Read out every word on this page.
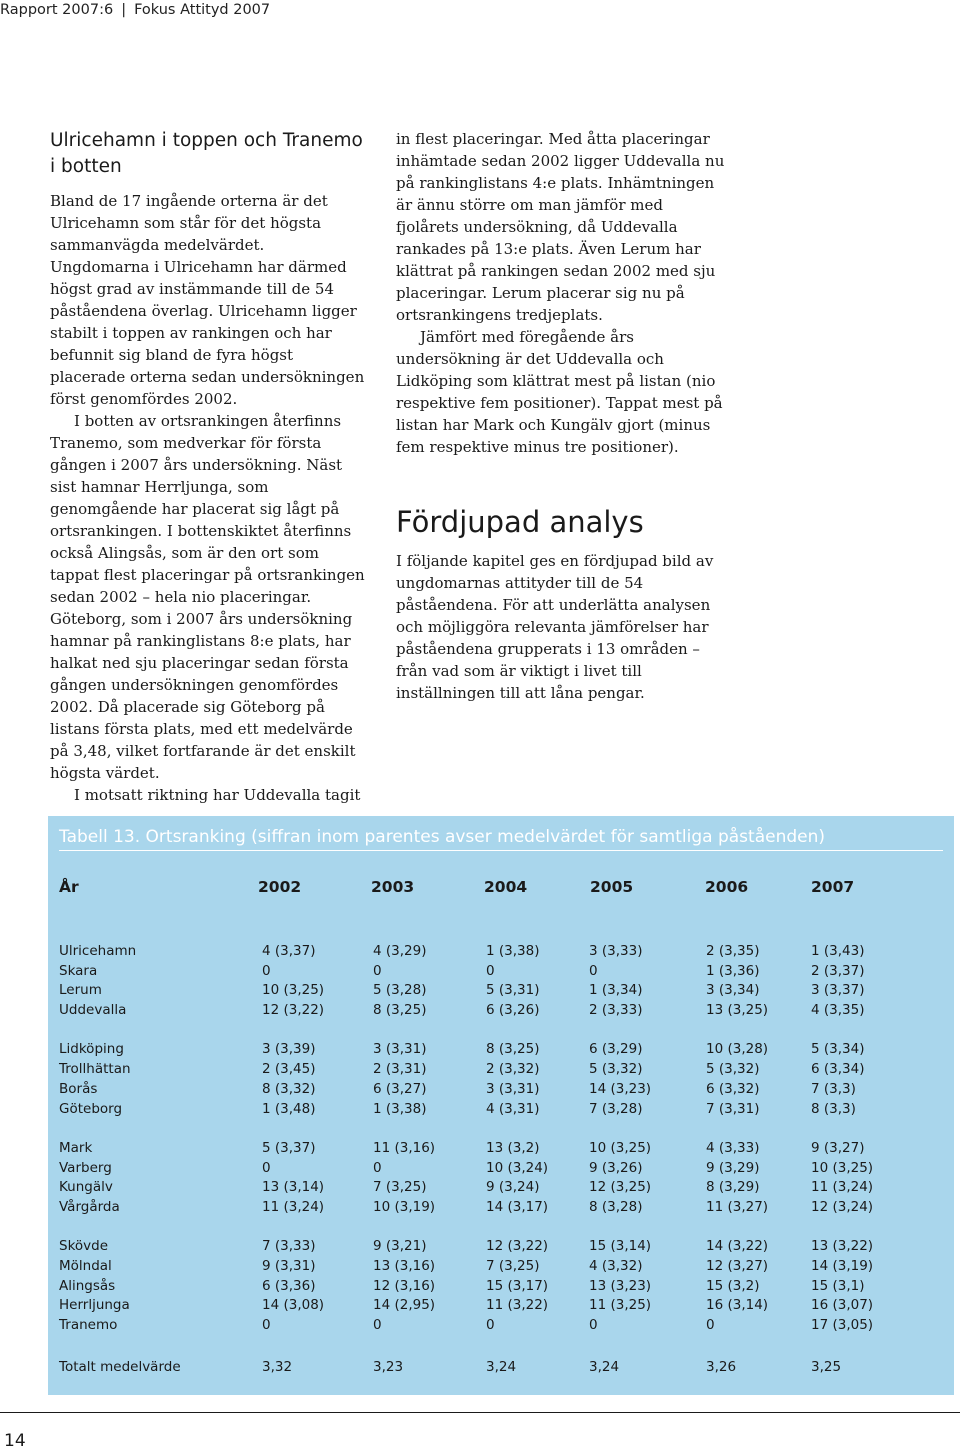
Rapport 2007:6 | Fokus Attityd 2007
Ulricehamn i toppen och Tranemo i botten

Bland de 17 ingående orterna är det Ulricehamn som står för det högsta sammanvägda medelvärdet. Ungdomarna i Ulricehamn har därmed högst grad av instämmande till de 54 påståendena överlag. Ulricehamn ligger stabilt i toppen av rankingen och har befunnit sig bland de fyra högst placerade orterna sedan undersökningen först genomfördes 2002.

I botten av ortsrankingen återfinns Tranemo, som medverkar för första gången i 2007 års undersökning. Näst sist hamnar Herrljunga, som genomgående har placerat sig lågt på ortsrankingen. I bottenskiktet återfinns också Alingsås, som är den ort som tappat flest placeringar på ortsrankingen sedan 2002 – hela nio placeringar. Göteborg, som i 2007 års undersökning hamnar på rankinglistans 8:e plats, har halkat ned sju placeringar sedan första gången undersökningen genomfördes 2002. Då placerade sig Göteborg på listans första plats, med ett medelvärde på 3,48, vilket fortfarande är det enskilt högsta värdet.

I motsatt riktning har Uddevalla tagit

in flest placeringar. Med åtta placeringar inhämtade sedan 2002 ligger Uddevalla nu på rankinglistans 4:e plats. Inhämtningen är ännu större om man jämför med fjolårets undersökning, då Uddevalla rankades på 13:e plats. Även Lerum har klättrat på rankingen sedan 2002 med sju placeringar. Lerum placerar sig nu på ortsrankingens tredjeplats.

Jämfört med föregående års undersökning är det Uddevalla och Lidköping som klättrat mest på listan (nio respektive fem positioner). Tappat mest på listan har Mark och Kungälv gjort (minus fem respektive minus tre positioner).

Fördjupad analys

I följande kapitel ges en fördjupad bild av ungdomarnas attityder till de 54 påståendena. För att underlätta analysen och möjliggöra relevanta jämförelser har påståendena grupperats i 13 områden – från vad som är viktigt i livet till inställningen till att låna pengar.

Tabell 13. Ortsranking (siffran inom parentes avser medelvärdet för samtliga påståenden)
År	2002	2003	2004	2005	2006	2007
Ulricehamn	4 (3,37)	4 (3,29)	1 (3,38)	3 (3,33)	2 (3,35)	1 (3,43)
Skara	0	0	0	0	1 (3,36)	2 (3,37)
Lerum	10 (3,25)	5 (3,28)	5 (3,31)	1 (3,34)	3 (3,34)	3 (3,37)
Uddevalla	12 (3,22)	8 (3,25)	6 (3,26)	2 (3,33)	13 (3,25)	4 (3,35)
Lidköping	3 (3,39)	3 (3,31)	8 (3,25)	6 (3,29)	10 (3,28)	5 (3,34)
Trollhättan	2 (3,45)	2 (3,31)	2 (3,32)	5 (3,32)	5 (3,32)	6 (3,34)
Borås	8 (3,32)	6 (3,27)	3 (3,31)	14 (3,23)	6 (3,32)	7 (3,3)
Göteborg	1 (3,48)	1 (3,38)	4 (3,31)	7 (3,28)	7 (3,31)	8 (3,3)
Mark	5 (3,37)	11 (3,16)	13 (3,2)	10 (3,25)	4 (3,33)	9 (3,27)
Varberg	0	0	10 (3,24)	9 (3,26)	9 (3,29)	10 (3,25)
Kungälv	13 (3,14)	7 (3,25)	9 (3,24)	12 (3,25)	8 (3,29)	11 (3,24)
Vårgårda	11 (3,24)	10 (3,19)	14 (3,17)	8 (3,28)	11 (3,27)	12 (3,24)
Skövde	7 (3,33)	9 (3,21)	12 (3,22)	15 (3,14)	14 (3,22)	13 (3,22)
Mölndal	9 (3,31)	13 (3,16)	7 (3,25)	4 (3,32)	12 (3,27)	14 (3,19)
Alingsås	6 (3,36)	12 (3,16)	15 (3,17)	13 (3,23)	15 (3,2)	15 (3,1)
Herrljunga	14 (3,08)	14 (2,95)	11 (3,22)	11 (3,25)	16 (3,14)	16 (3,07)
Tranemo	0	0	0	0	0	17 (3,05)
Totalt medelvärde	3,32	3,23	3,24	3,24	3,26	3,25
14
